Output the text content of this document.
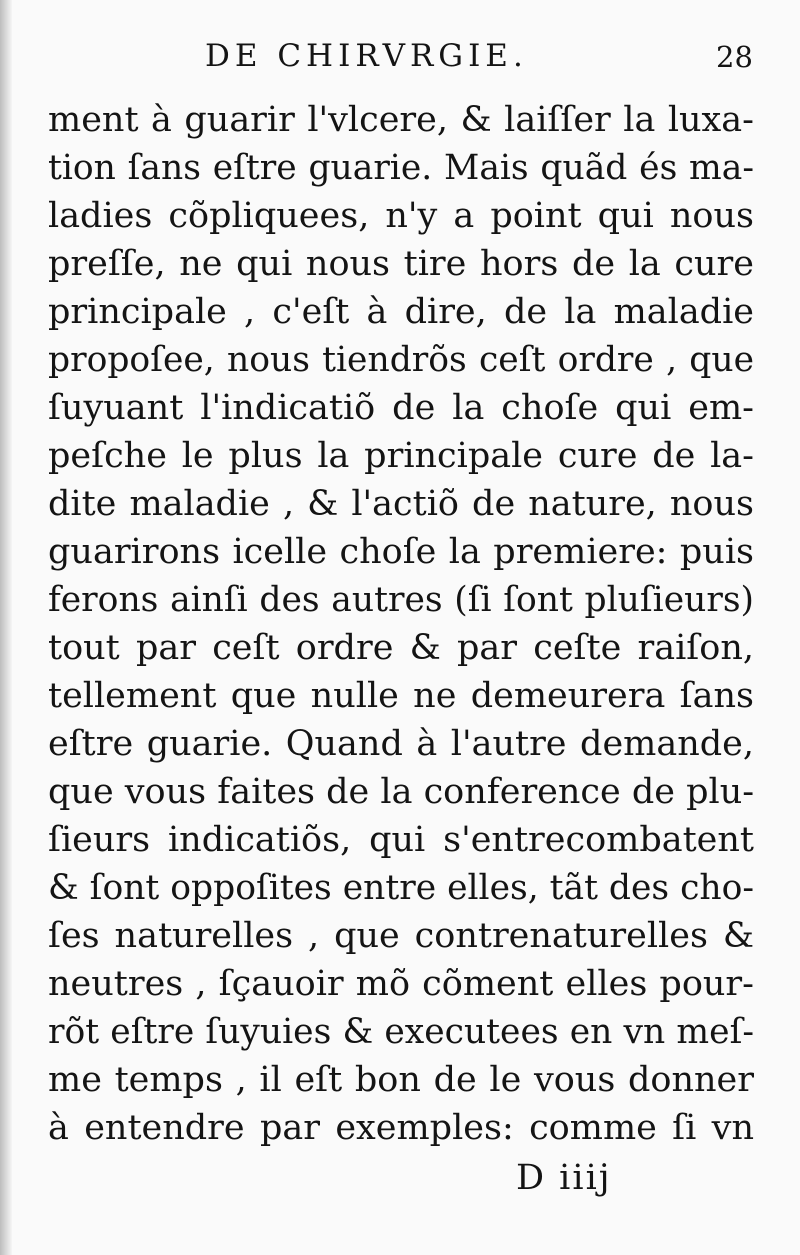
DE CHIRVRGIE.	28
ment à guarir l'vlcere, & laiſſer la luxa-
tion ſans eſtre guarie. Mais quãd és ma-
ladies cõpliquees, n'y a point qui nous
preſſe, ne qui nous tire hors de la cure
principale , c'eſt à dire, de la maladie
propoſee, nous tiendrõs ceſt ordre , que
ſuyuant l'indicatiõ de la choſe qui em-
peſche le plus la principale cure de la-
dite maladie , & l'actiõ de nature, nous
guarirons icelle choſe la premiere: puis
ferons ainſi des autres (ſi ſont pluſieurs)
tout par ceſt ordre & par ceſte raiſon,
tellement que nulle ne demeurera ſans
eſtre guarie. Quand à l'autre demande,
que vous faites de la conference de plu-
ſieurs indicatiõs, qui s'entrecombatent
& ſont oppoſites entre elles, tãt des cho-
ſes naturelles , que contrenaturelles &
neutres , ſçauoir mõ cõment elles pour-
rõt eſtre ſuyuies & executees en vn meſ-
me temps , il eſt bon de le vous donner
à entendre par exemples: comme ſi vn
D iiij
